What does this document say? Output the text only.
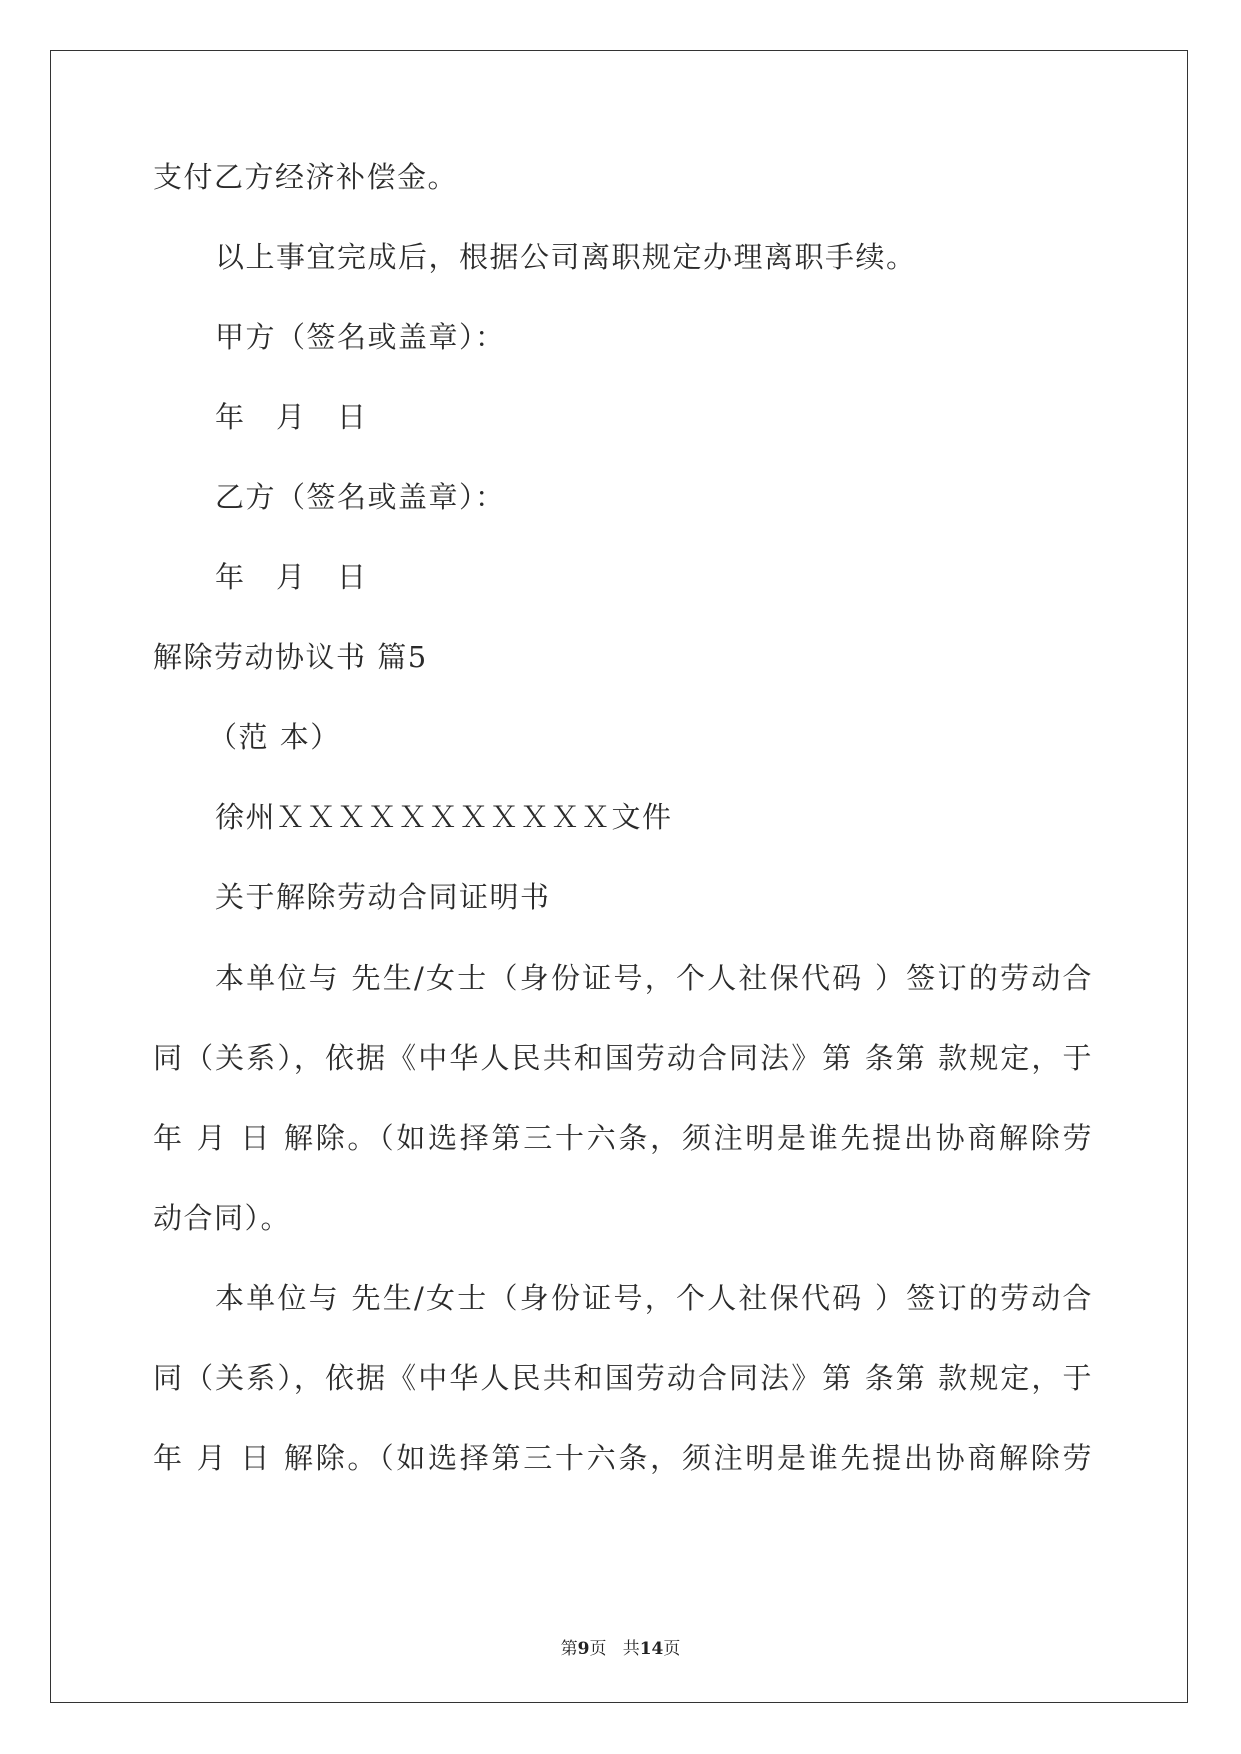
支付乙方经济补偿金。
以上事宜完成后，根据公司离职规定办理离职手续。
甲方（签名或盖章）：
年　月　日
乙方（签名或盖章）：
年　月　日
解除劳动协议书 篇5
（范 本）
徐州ＸＸＸＸＸＸＸＸＸＸＸ文件
关于解除劳动合同证明书
本单位与 先生/女士（身份证号，个人社保代码 ）签订的劳动合
同（关系），依据《中华人民共和国劳动合同法》第 条第 款规定，于
年 月 日 解除。（如选择第三十六条，须注明是谁先提出协商解除劳
动合同）。
本单位与 先生/女士（身份证号，个人社保代码 ）签订的劳动合
同（关系），依据《中华人民共和国劳动合同法》第 条第 款规定，于
年 月 日 解除。（如选择第三十六条，须注明是谁先提出协商解除劳
第9页 共14页
